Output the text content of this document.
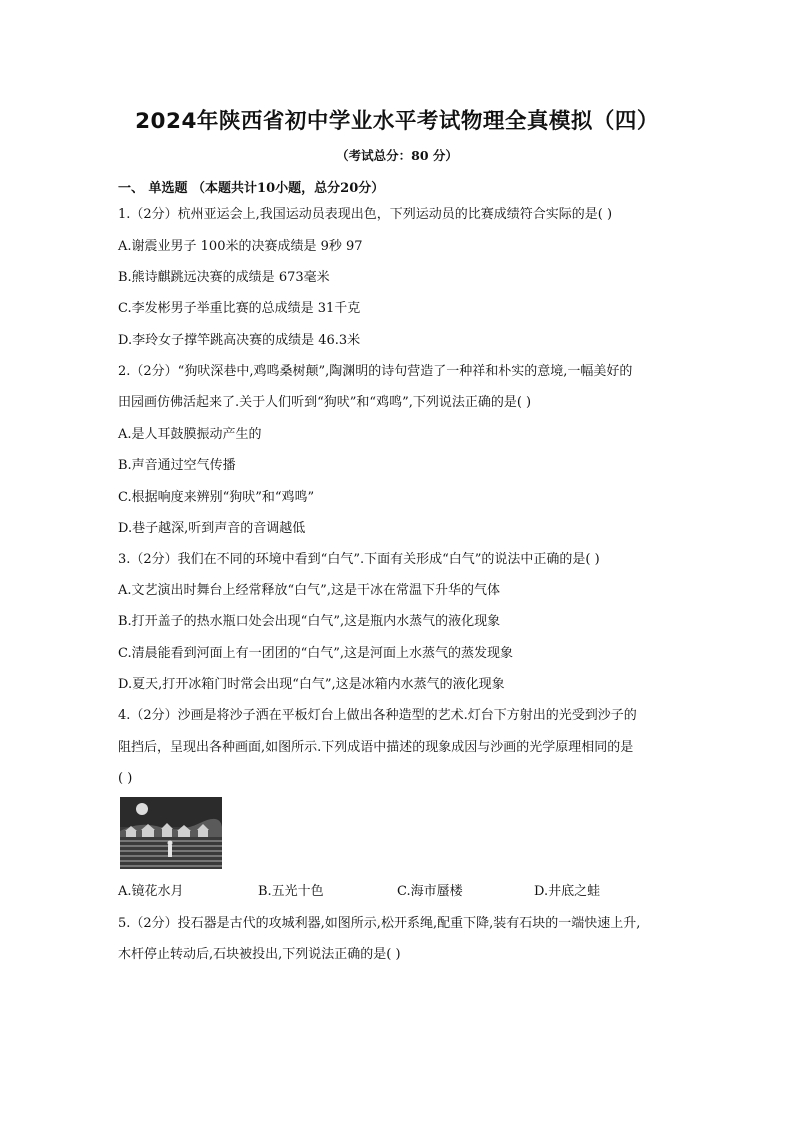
2024年陕西省初中学业水平考试物理全真模拟（四）
（考试总分：80 分）
一、 单选题 （本题共计10小题，总分20分）
1.（2分）杭州亚运会上,我国运动员表现出色，下列运动员的比赛成绩符合实际的是( )
A.谢震业男子 100米的决赛成绩是 9秒 97
B.熊诗麒跳远决赛的成绩是 673毫米
C.李发彬男子举重比赛的总成绩是 31千克
D.李玲女子撑竿跳高决赛的成绩是 46.3米
2.（2分）“狗吠深巷中,鸡鸣桑树颠”,陶渊明的诗句营造了一种祥和朴实的意境,一幅美好的
田园画仿佛活起来了.关于人们听到“狗吠”和“鸡鸣”,下列说法正确的是( )
A.是人耳鼓膜振动产生的
B.声音通过空气传播
C.根据响度来辨别“狗吠”和“鸡鸣”
D.巷子越深,听到声音的音调越低
3.（2分）我们在不同的环境中看到“白气”.下面有关形成“白气”的说法中正确的是( )
A.文艺演出时舞台上经常释放“白气”,这是干冰在常温下升华的气体
B.打开盖子的热水瓶口处会出现“白气”,这是瓶内水蒸气的液化现象
C.清晨能看到河面上有一团团的“白气”,这是河面上水蒸气的蒸发现象
D.夏天,打开冰箱门时常会出现“白气”,这是冰箱内水蒸气的液化现象
4.（2分）沙画是将沙子洒在平板灯台上做出各种造型的艺术.灯台下方射出的光受到沙子的
阻挡后，呈现出各种画面,如图所示.下列成语中描述的现象成因与沙画的光学原理相同的是
( )
A.镜花水月	B.五光十色	C.海市蜃楼	D.井底之蛙
5.（2分）投石器是古代的攻城利器,如图所示,松开系绳,配重下降,装有石块的一端快速上升,
木杆停止转动后,石块被投出,下列说法正确的是( )
